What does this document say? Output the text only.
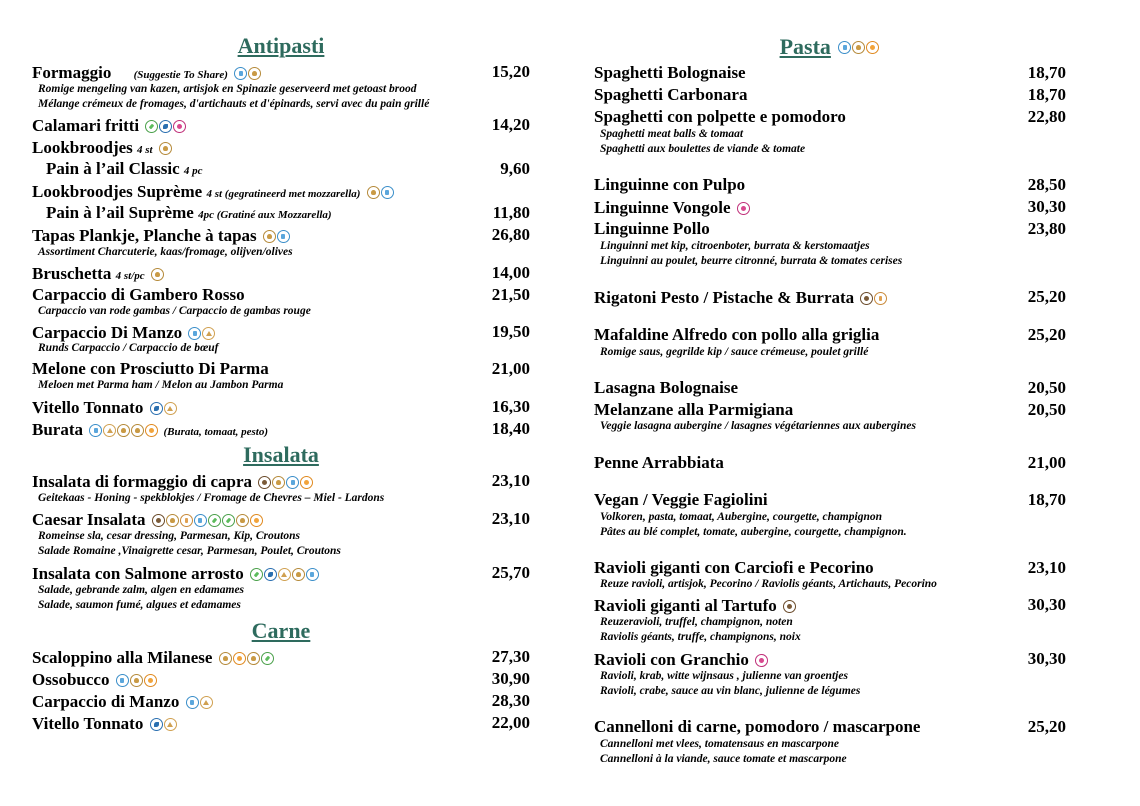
Antipasti
Formaggio (Suggestie To Share)	15,20
Romige mengeling van kazen, artisjok en Spinazie geserveerd met getoast brood
Mélange crémeux de fromages, d'artichauts et d'épinards, servi avec du pain grillé
Calamari fritti	14,20
Lookbroodjes 4 st
Pain à l’ail Classic 4 pc	9,60
Lookbroodjes Suprème 4 st (gegratineerd met mozzarella)
Pain à l’ail Suprème 4pc (Gratiné aux Mozzarella)	11,80
Tapas Plankje, Planche à tapas	26,80
Assortiment Charcuterie, kaas/fromage, olijven/olives
Bruschetta 4 st/pc	14,00
Carpaccio di Gambero Rosso	21,50
Carpaccio van rode gambas / Carpaccio de gambas rouge
Carpaccio Di Manzo	19,50
Runds Carpaccio / Carpaccio de bœuf
Melone con Prosciutto Di Parma	21,00
Meloen met Parma ham / Melon au Jambon Parma
Vitello Tonnato	16,30
Burata	(Burata, tomaat, pesto)	18,40
Insalata
Insalata di formaggio di capra	23,10
Geitekaas - Honing - spekblokjes / Fromage de Chevres – Miel - Lardons
Caesar Insalata	23,10
Romeinse sla, cesar dressing, Parmesan, Kip, Croutons
Salade Romaine ,Vinaigrette cesar, Parmesan, Poulet, Croutons
Insalata con Salmone arrosto	25,70
Salade, gebrande zalm, algen en edamames
Salade, saumon fumé, algues et edamames
Carne
Scaloppino alla Milanese	27,30
Ossobucco	30,90
Carpaccio di Manzo	28,30
Vitello Tonnato	22,00
Pasta
Spaghetti Bolognaise	18,70
Spaghetti Carbonara	18,70
Spaghetti con polpette e pomodoro	22,80
Spaghetti meat balls & tomaat
Spaghetti aux boulettes de viande & tomate
Linguinne con Pulpo	28,50
Linguinne Vongole	30,30
Linguinne Pollo	23,80
Linguinni met kip, citroenboter, burrata & kerstomaatjes
Linguinni au poulet, beurre citronné, burrata & tomates cerises
Rigatoni Pesto / Pistache & Burrata	25,20
Mafaldine Alfredo con pollo alla griglia	25,20
Romige saus, gegrilde kip / sauce crémeuse, poulet grillé
Lasagna Bolognaise	20,50
Melanzane alla Parmigiana	20,50
Veggie lasagna aubergine / lasagnes végétariennes aux aubergines
Penne Arrabbiata	21,00
Vegan / Veggie Fagiolini	18,70
Volkoren, pasta, tomaat, Aubergine, courgette, champignon
Pâtes au blé complet, tomate, aubergine, courgette, champignon.
Ravioli giganti con Carciofi e Pecorino	23,10
Reuze ravioli, artisjok, Pecorino / Raviolis géants, Artichauts, Pecorino
Ravioli giganti al Tartufo	30,30
Reuzeravioli, truffel, champignon, noten
Raviolis géants, truffe, champignons, noix
Ravioli con Granchio	30,30
Ravioli, krab, witte wijnsaus , julienne van groentjes
Ravioli, crabe, sauce au vin blanc, julienne de légumes
Cannelloni di carne, pomodoro / mascarpone	25,20
Cannelloni met vlees, tomatensaus en mascarpone
Cannelloni à la viande, sauce tomate et mascarpone
